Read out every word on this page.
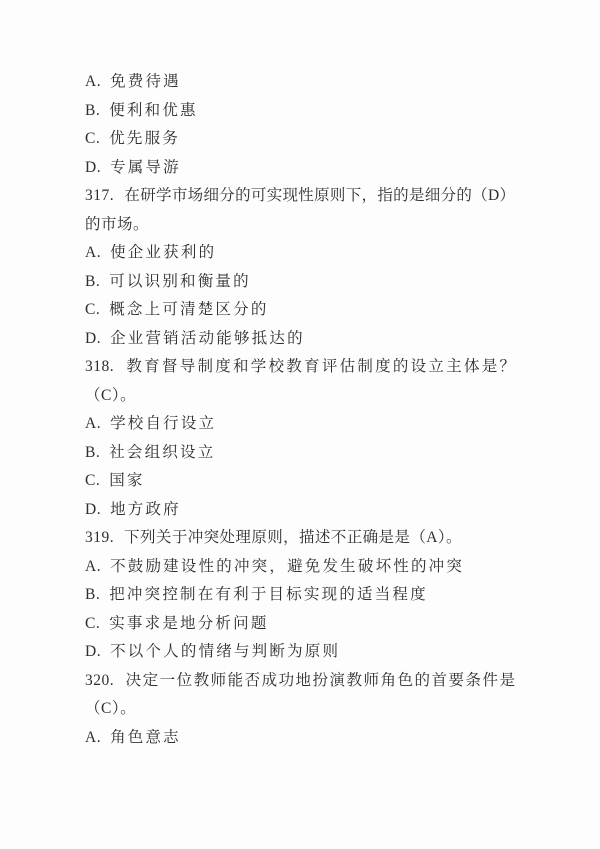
A. 免费待遇
B. 便利和优惠
C. 优先服务
D. 专属导游
317. 在研学市场细分的可实现性原则下，指的是细分的（D）
的市场。
A. 使企业获利的
B. 可以识别和衡量的
C. 概念上可清楚区分的
D. 企业营销活动能够抵达的
318. 教育督导制度和学校教育评估制度的设立主体是？
（C）。
A. 学校自行设立
B. 社会组织设立
C. 国家
D. 地方政府
319. 下列关于冲突处理原则，描述不正确是是（A）。
A. 不鼓励建设性的冲突，避免发生破坏性的冲突
B. 把冲突控制在有利于目标实现的适当程度
C. 实事求是地分析问题
D. 不以个人的情绪与判断为原则
320. 决定一位教师能否成功地扮演教师角色的首要条件是
（C）。
A. 角色意志
